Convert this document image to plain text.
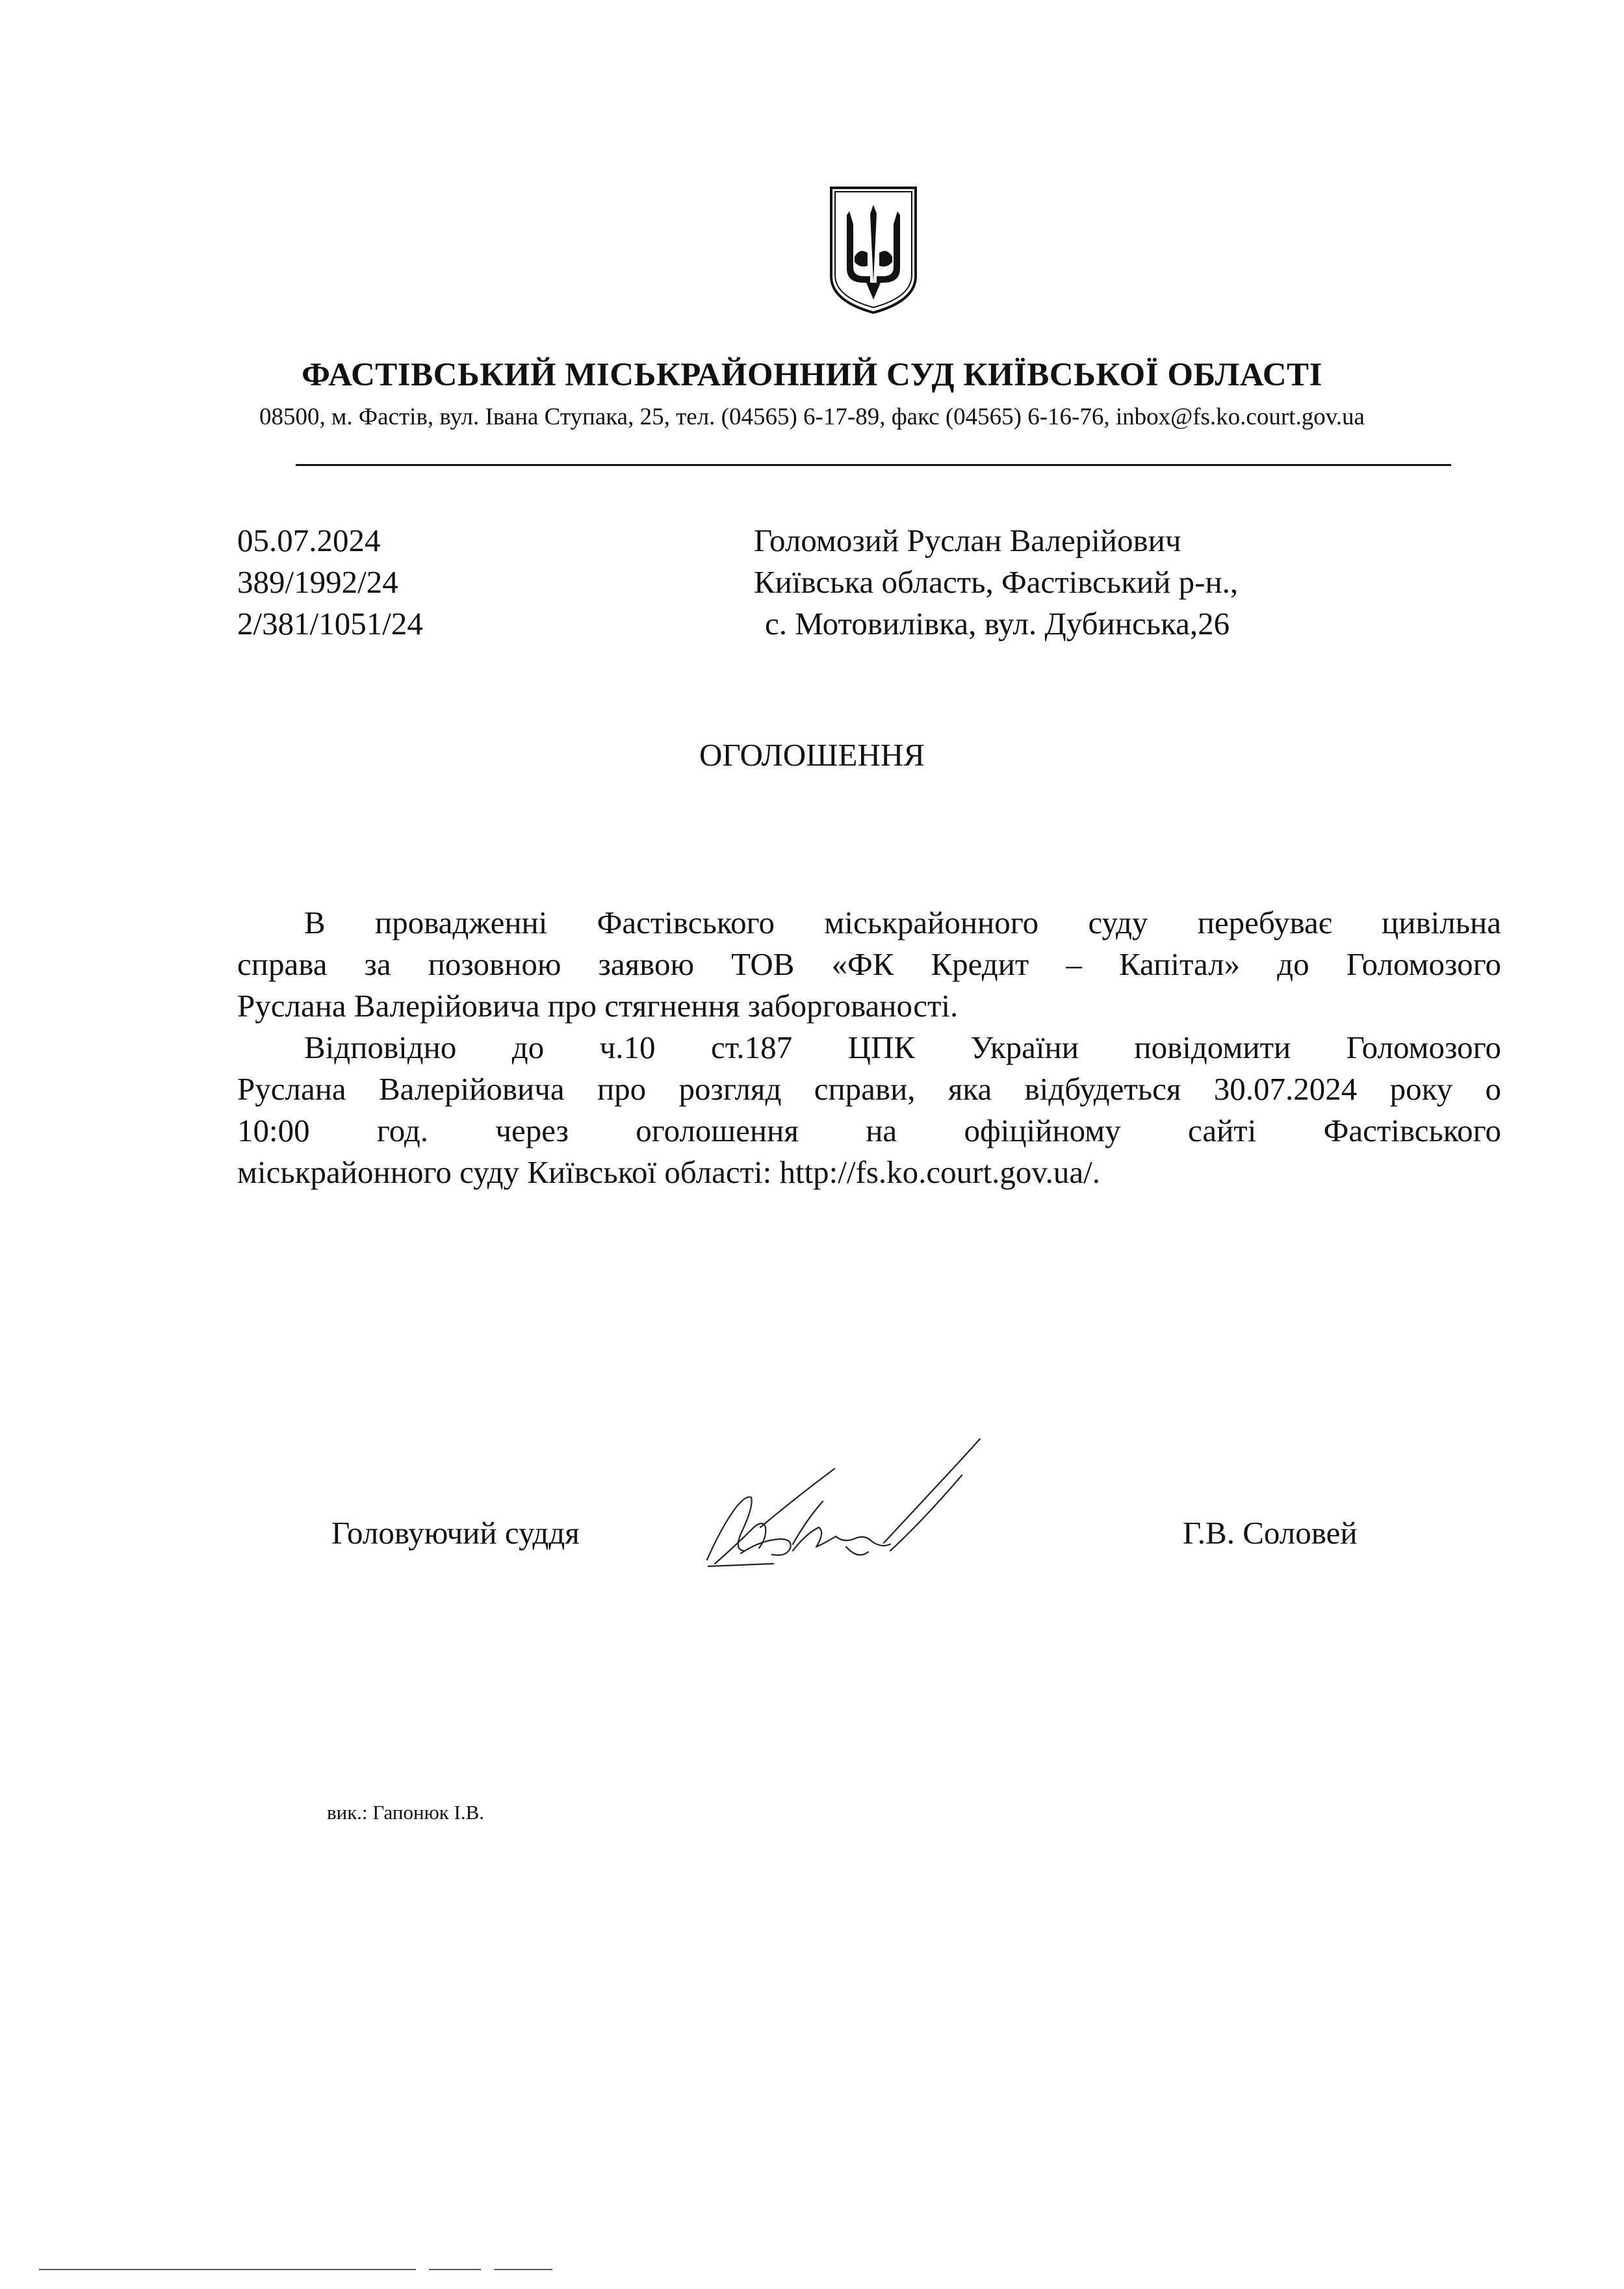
ФАСТІВСЬКИЙ МІСЬКРАЙОННИЙ СУД КИЇВСЬКОЇ ОБЛАСТІ
08500, м. Фастів, вул. Івана Ступака, 25, тел. (04565) 6-17-89, факс (04565) 6-16-76, inbox@fs.ko.court.gov.ua
05.07.2024
389/1992/24
2/381/1051/24
Голомозий Руслан Валерійович
Київська область, Фастівський р-н.,
с. Мотовилівка, вул. Дубинська,26
ОГОЛОШЕННЯ
В провадженні Фастівського міськрайонного суду перебуває цивільна
справа за позовною заявою ТОВ «ФК Кредит – Капітал» до Голомозого
Руслана Валерійовича про стягнення заборгованості.
Відповідно до ч.10 ст.187 ЦПК України повідомити Голомозого
Руслана Валерійовича про розгляд справи, яка відбудеться 30.07.2024 року о
10:00 год. через оголошення на офіційному сайті Фастівського
міськрайонного суду Київської області: http://fs.ko.court.gov.ua/.
Головуючий суддя	Г.В. Соловей
вик.: Гапонюк І.В.
